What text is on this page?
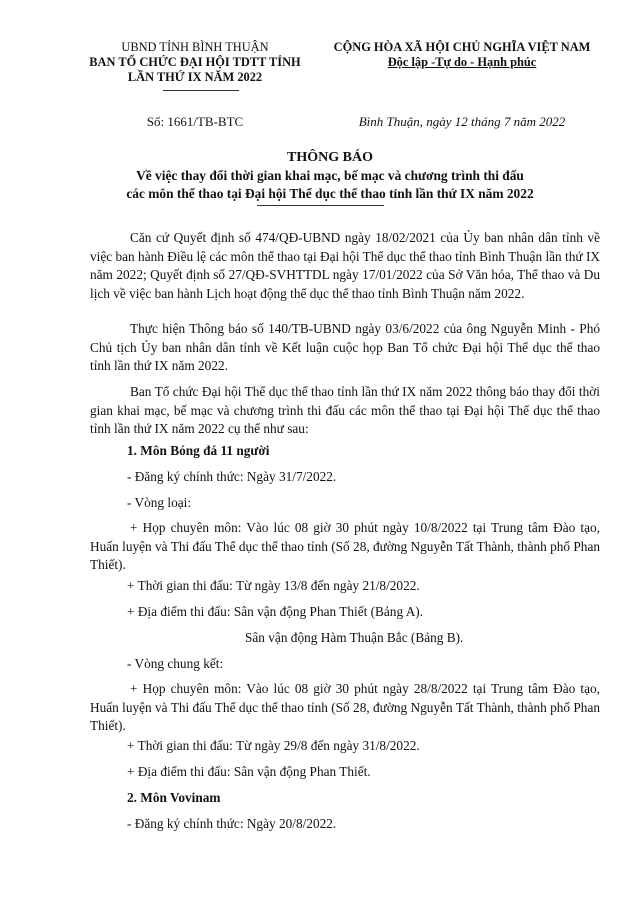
UBND TỈNH BÌNH THUẬN
BAN TỔ CHỨC ĐẠI HỘI TDTT TỈNH
LẦN THỨ IX NĂM 2022
CỘNG HÒA XÃ HỘI CHỦ NGHĨA VIỆT NAM
Độc lập -Tự do - Hạnh phúc
Số: 1661/TB-BTC	Bình Thuận, ngày 12 tháng 7 năm 2022
THÔNG BÁO
Về việc thay đổi thời gian khai mạc, bế mạc và chương trình thi đấu
các môn thể thao tại Đại hội Thể dục thể thao tỉnh lần thứ IX năm 2022
Căn cứ Quyết định số 474/QĐ-UBND ngày 18/02/2021 của Ủy ban nhân dân tỉnh về việc ban hành Điều lệ các môn thể thao tại Đại hội Thể dục thể thao tỉnh Bình Thuận lần thứ IX năm 2022; Quyết định số 27/QĐ-SVHTTDL ngày 17/01/2022 của Sở Văn hóa, Thể thao và Du lịch về việc ban hành Lịch hoạt động thể dục thể thao tỉnh Bình Thuận năm 2022.
Thực hiện Thông báo số 140/TB-UBND ngày 03/6/2022 của ông Nguyễn Minh - Phó Chủ tịch Ủy ban nhân dân tỉnh về Kết luận cuộc họp Ban Tổ chức Đại hội Thể dục thể thao tỉnh lần thứ IX năm 2022.
Ban Tổ chức Đại hội Thể dục thể thao tỉnh lần thứ IX năm 2022 thông báo thay đổi thời gian khai mạc, bế mạc và chương trình thi đấu các môn thể thao tại Đại hội Thể dục thể thao tỉnh lần thứ IX năm 2022 cụ thể như sau:
1. Môn Bóng đá 11 người
- Đăng ký chính thức: Ngày 31/7/2022.
- Vòng loại:
+ Họp chuyên môn: Vào lúc 08 giờ 30 phút ngày 10/8/2022 tại Trung tâm Đào tạo, Huấn luyện và Thi đấu Thể dục thể thao tỉnh (Số 28, đường Nguyễn Tất Thành, thành phố Phan Thiết).
+ Thời gian thi đấu: Từ ngày 13/8 đến ngày 21/8/2022.
+ Địa điểm thi đấu: Sân vận động Phan Thiết (Bảng A).
Sân vận động Hàm Thuận Bắc (Bảng B).
- Vòng chung kết:
+ Họp chuyên môn: Vào lúc 08 giờ 30 phút ngày 28/8/2022 tại Trung tâm Đào tạo, Huấn luyện và Thi đấu Thể dục thể thao tỉnh (Số 28, đường Nguyễn Tất Thành, thành phố Phan Thiết).
+ Thời gian thi đấu: Từ ngày 29/8 đến ngày 31/8/2022.
+ Địa điểm thi đấu: Sân vận động Phan Thiết.
2. Môn Vovinam
- Đăng ký chính thức: Ngày 20/8/2022.
